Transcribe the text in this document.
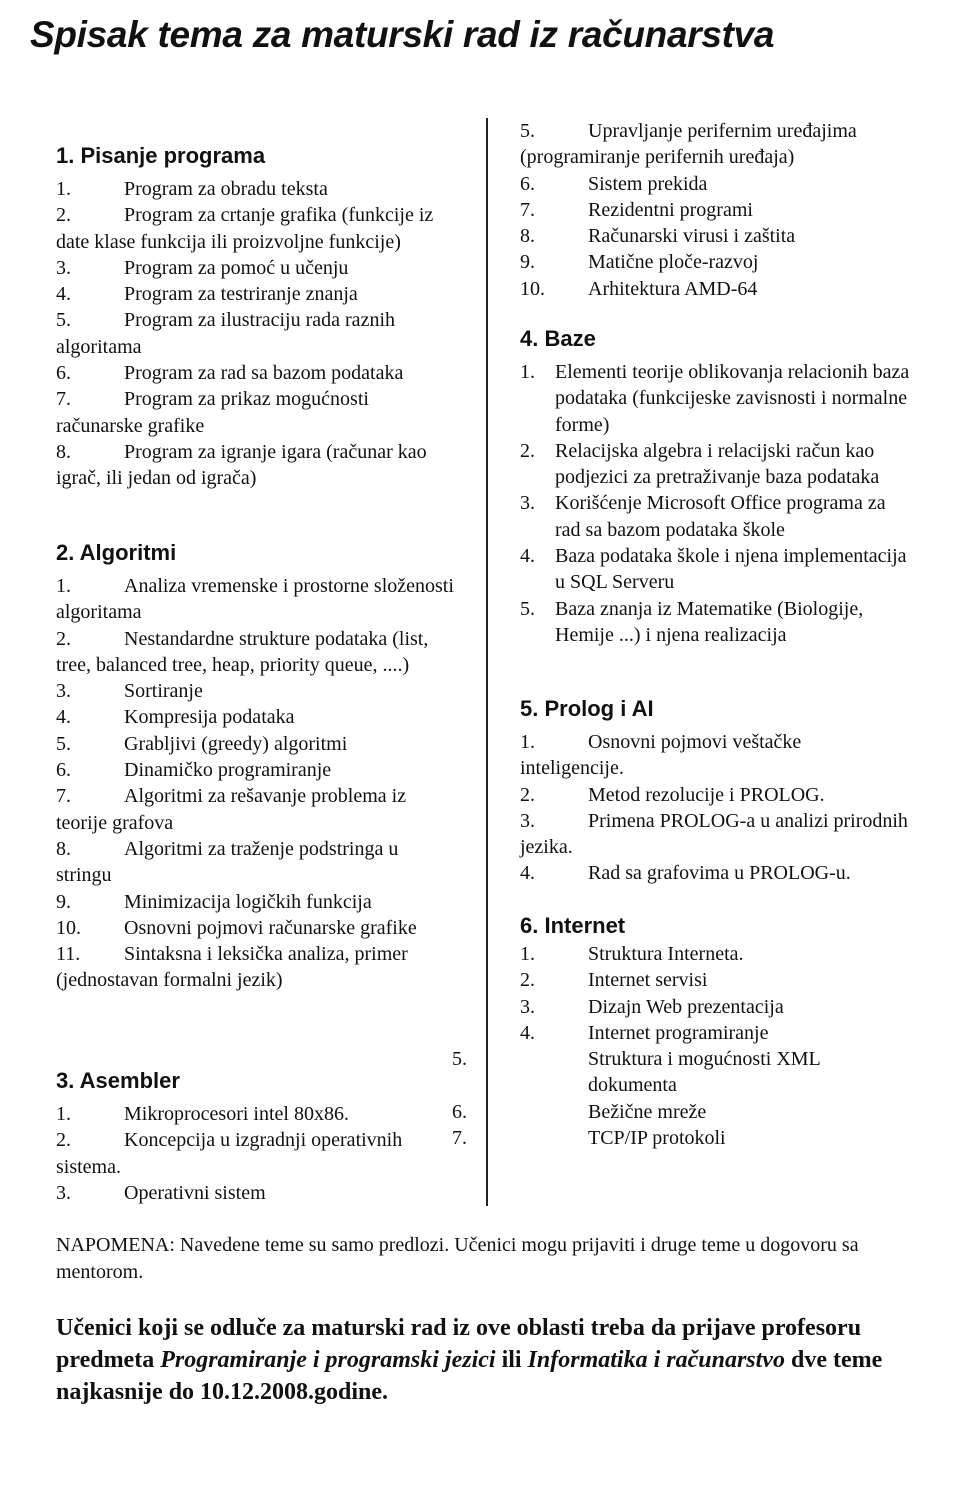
Spisak tema za maturski rad iz računarstva
1. Pisanje programa
1.	Program za obradu teksta
2.	Program za crtanje grafika (funkcije iz date klase funkcija ili proizvoljne funkcije)
3.	Program za pomoć u učenju
4.	Program za testriranje znanja
5.	Program za ilustraciju rada raznih algoritama
6.	Program za rad sa bazom podataka
7.	Program za prikaz mogućnosti računarske grafike
8.	Program za igranje igara (računar kao igrač, ili jedan od igrača)
2. Algoritmi
1.	Analiza vremenske i prostorne složenosti algoritama
2.	Nestandardne strukture podataka (list, tree, balanced tree, heap, priority queue, ....)
3.	Sortiranje
4.	Kompresija podataka
5.	Grabljivi (greedy) algoritmi
6.	Dinamičko programiranje
7.	Algoritmi za rešavanje problema iz teorije grafova
8.	Algoritmi za traženje podstringa u stringu
9.	Minimizacija logičkih funkcija
10. Osnovni pojmovi računarske grafike
11. Sintaksna i leksička analiza, primer (jednostavan formalni jezik)
3. Asembler
1.	Mikroprocesori intel 80x86.
2.	Koncepcija u izgradnji operativnih sistema.
3.	Operativni sistem
5.	Upravljanje perifernim uređajima (programiranje perifernih uređaja)
6.	Sistem prekida
7.	Rezidentni programi
8.	Računarski virusi i zaštita
9.	Matične ploče-razvoj
10. Arhitektura AMD-64
4. Baze
1. Elementi teorije oblikovanja relacionih baza podataka (funkcijeske zavisnosti i normalne forme)
2. Relacijska algebra i relacijski račun kao podjezici za pretraživanje baza podataka
3. Korišćenje Microsoft Office programa za rad sa bazom podataka škole
4. Baza podataka škole i njena implementacija u SQL Serveru
5. Baza znanja iz Matematike (Biologije, Hemije ...) i njena realizacija
5. Prolog i AI
1.	Osnovni pojmovi veštačke inteligencije.
2.	Metod rezolucije i PROLOG.
3.	Primena PROLOG-a u analizi prirodnih jezika.
4.	Rad sa grafovima u PROLOG-u.
6. Internet
1.	Struktura Interneta.
2.	Internet servisi
3.	Dizajn Web prezentacija
4.	Internet programiranje
5.	Struktura i mogućnosti XML dokumenta
6.	Bežične mreže
7.	TCP/IP protokoli

NAPOMENA: Navedene teme su samo predlozi. Učenici mogu prijaviti i druge teme u dogovoru sa mentorom.

Učenici koji se odluče za maturski rad iz ove oblasti treba da prijave profesoru predmeta Programiranje i programski jezici ili Informatika i računarstvo dve teme najkasnije do 10.12.2008.godine.
